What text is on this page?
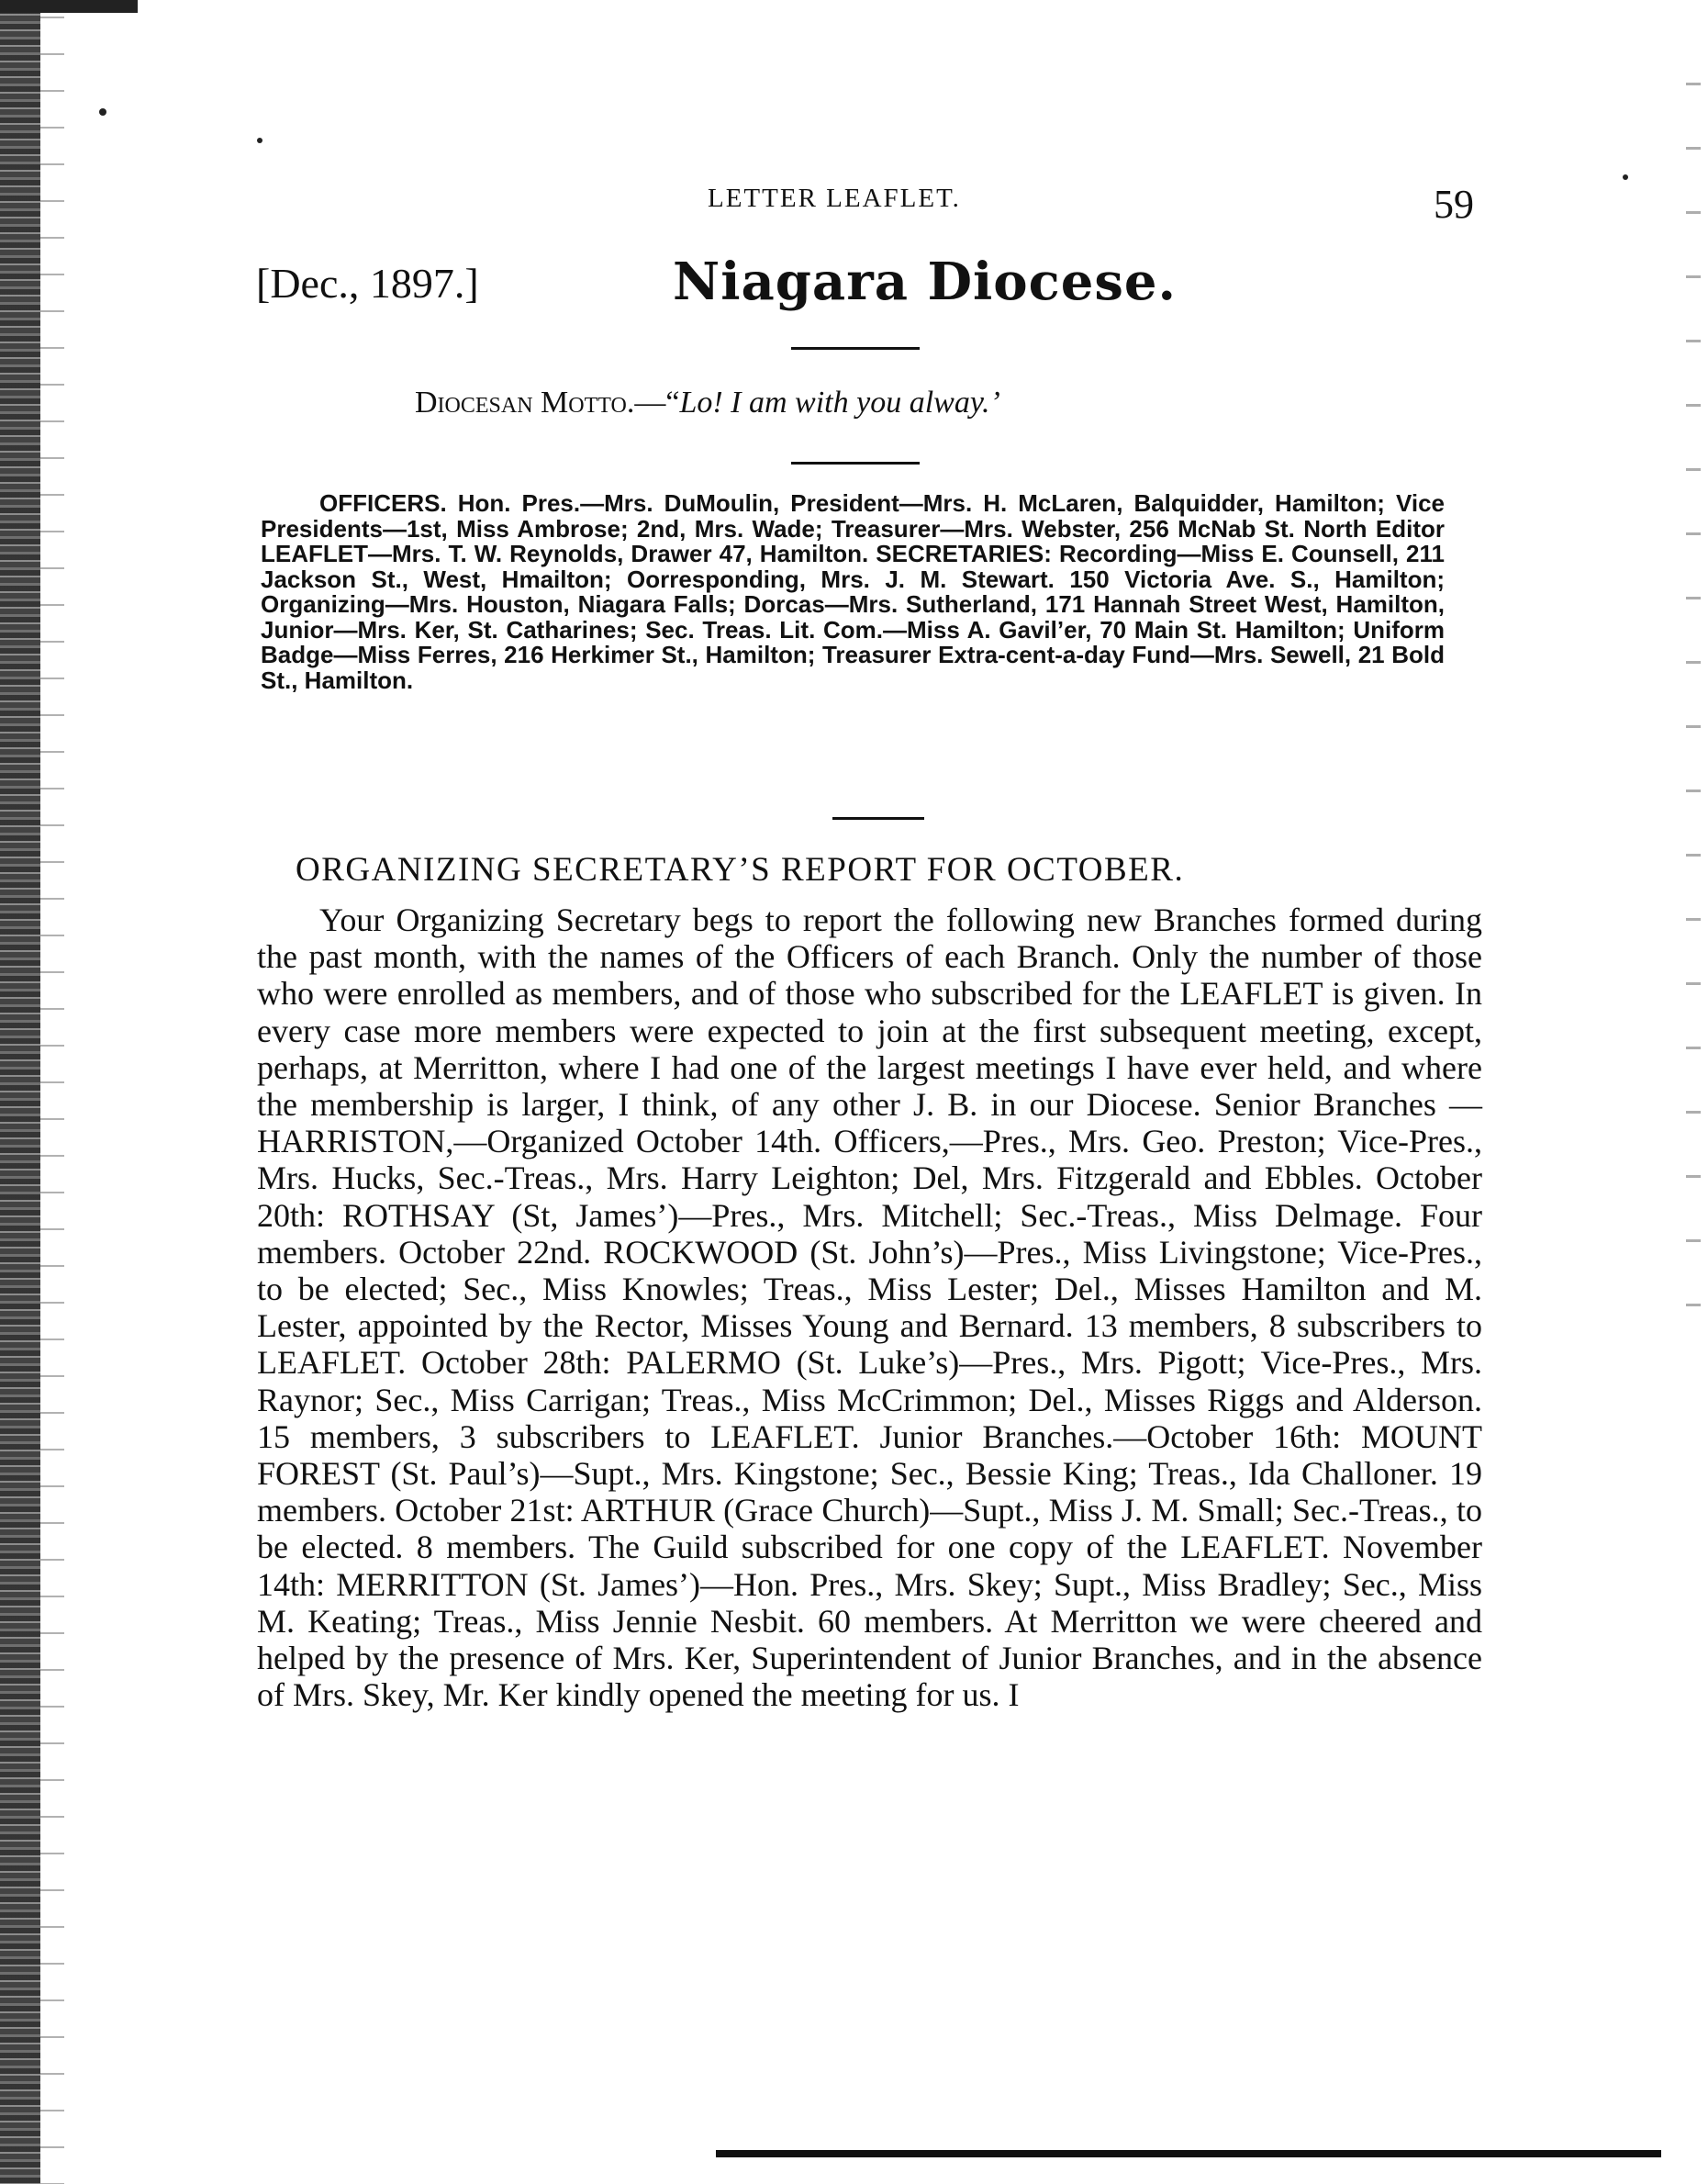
LETTER LEAFLET.	59
[Dec., 1897.]	Niagara Diocese.
Diocesan Motto.—“Lo! I am with you alway.’

OFFICERS. Hon. Pres.—Mrs. DuMoulin, President—Mrs. H. McLaren, Balquidder, Hamilton; Vice Presidents—1st, Miss Ambrose; 2nd, Mrs. Wade; Treasurer—Mrs. Webster, 256 McNab St. North Editor LEAFLET—Mrs. T. W. Reynolds, Drawer 47, Hamilton. SECRETARIES: Recording—Miss E. Counsell, 211 Jackson St., West, Hmailton; Oorresponding, Mrs. J. M. Stewart. 150 Victoria Ave. S., Hamilton; Organizing—Mrs. Houston, Niagara Falls; Dorcas—Mrs. Sutherland, 171 Hannah Street West, Hamilton, Junior—Mrs. Ker, St. Catharines; Sec. Treas. Lit. Com.—Miss A. Gavil’er, 70 Main St. Hamilton; Uniform Badge—Miss Ferres, 216 Herkimer St., Hamilton; Treasurer Extra-cent-a-day Fund—Mrs. Sewell, 21 Bold St., Hamilton.

ORGANIZING SECRETARY’S REPORT FOR OCTOBER.

Your Organizing Secretary begs to report the following new Branches formed during the past month, with the names of the Officers of each Branch. Only the number of those who were enrolled as members, and of those who subscribed for the LEAFLET is given. In every case more members were expected to join at the first subsequent meeting, except, perhaps, at Merritton, where I had one of the largest meetings I have ever held, and where the membership is larger, I think, of any other J. B. in our Diocese. Senior Branches —HARRISTON,—Organized October 14th. Officers,—Pres., Mrs. Geo. Preston; Vice-Pres., Mrs. Hucks, Sec.-Treas., Mrs. Harry Leighton; Del, Mrs. Fitzgerald and Ebbles. October 20th: ROTHSAY (St, James’)—Pres., Mrs. Mitchell; Sec.-Treas., Miss Delmage. Four members. October 22nd. ROCKWOOD (St. John’s)—Pres., Miss Livingstone; Vice-Pres., to be elected; Sec., Miss Knowles; Treas., Miss Lester; Del., Misses Hamilton and M. Lester, appointed by the Rector, Misses Young and Bernard. 13 members, 8 subscribers to LEAFLET. October 28th: PALERMO (St. Luke’s)—Pres., Mrs. Pigott; Vice-Pres., Mrs. Raynor; Sec., Miss Carrigan; Treas., Miss McCrimmon; Del., Misses Riggs and Alderson. 15 members, 3 subscribers to LEAFLET. Junior Branches.—October 16th: MOUNT FOREST (St. Paul’s)—Supt., Mrs. Kingstone; Sec., Bessie King; Treas., Ida Challoner. 19 members. October 21st: ARTHUR (Grace Church)—Supt., Miss J. M. Small; Sec.-Treas., to be elected. 8 members. The Guild subscribed for one copy of the LEAFLET. November 14th: MERRITTON (St. James’)—Hon. Pres., Mrs. Skey; Supt., Miss Bradley; Sec., Miss M. Keating; Treas., Miss Jennie Nesbit. 60 members. At Merritton we were cheered and helped by the presence of Mrs. Ker, Superintendent of Junior Branches, and in the absence of Mrs. Skey, Mr. Ker kindly opened the meeting for us. I
